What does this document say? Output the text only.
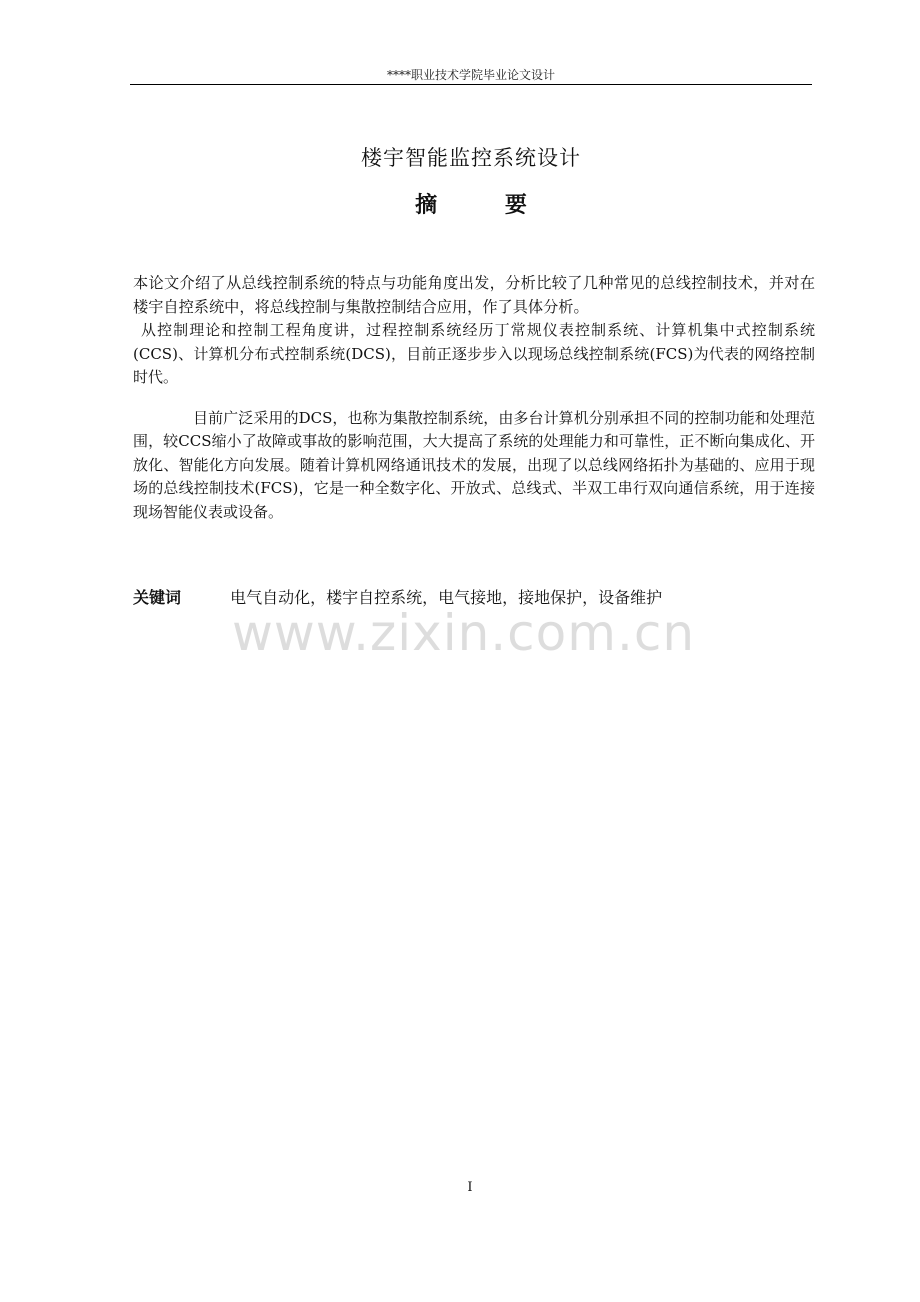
****职业技术学院毕业论文设计
楼宇智能监控系统设计
摘 要

本论文介绍了从总线控制系统的特点与功能角度出发，分析比较了几种常见的总线控制技术，并对在楼宇自控系统中，将总线控制与集散控制结合应用，作了具体分析。

从控制理论和控制工程角度讲，过程控制系统经历丁常规仪表控制系统、计算机集中式控制系统(CCS)、计算机分布式控制系统(DCS)，目前正逐步步入以现场总线控制系统(FCS)为代表的网络控制时代。

目前广泛采用的DCS，也称为集散控制系统，由多台计算机分别承担不同的控制功能和处理范围，较CCS缩小了故障或事故的影响范围，大大提高了系统的处理能力和可靠性，正不断向集成化、开放化、智能化方向发展。随着计算机网络通讯技术的发展，出现了以总线网络拓扑为基础的、应用于现场的总线控制技术(FCS)，它是一种全数字化、开放式、总线式、半双工串行双向通信系统，用于连接现场智能仪表或设备。

关键词	电气自动化，楼宇自控系统，电气接地，接地保护，设备维护
www.zixin.com.cn
I
